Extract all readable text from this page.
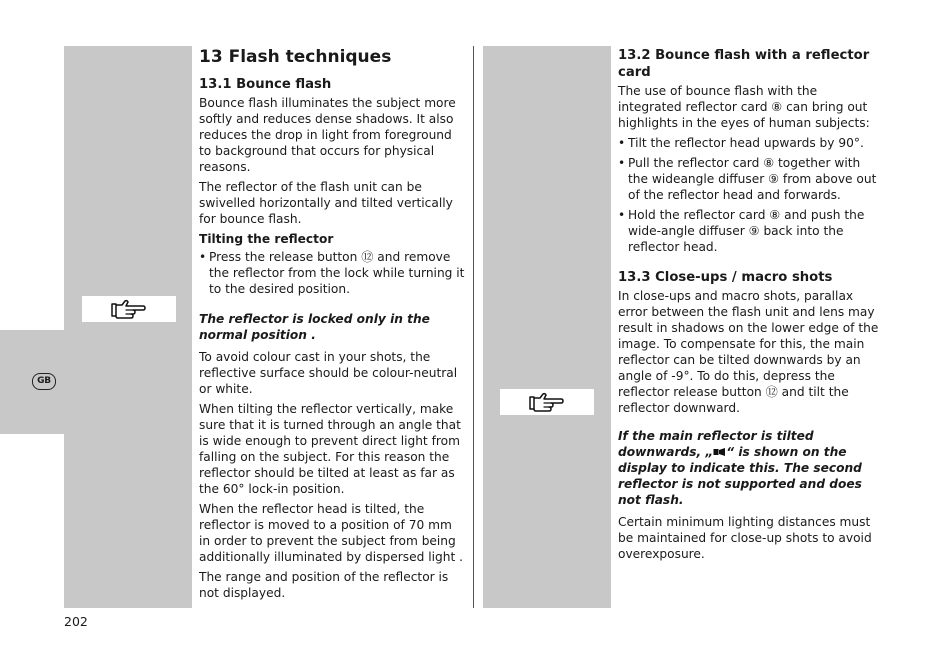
GB
13 Flash techniques
13.1 Bounce flash

Bounce flash illuminates the subject more softly and reduces dense shadows. It also reduces the drop in light from foreground to background that occurs for physical reasons.

The reflector of the flash unit can be swivelled horizontally and tilted vertically for bounce flash.

Tilting the reflector
• Press the release button ⑫ and remove the reflector from the lock while turning it to the desired position.

The reflector is locked only in the normal position .

To avoid colour cast in your shots, the reflective surface should be colour-neutral or white.

When tilting the reflector vertically, make sure that it is turned through an angle that is wide enough to prevent direct light from falling on the subject. For this reason the reflector should be tilted at least as far as the 60° lock-in position.

When the reflector head is tilted, the reflector is moved to a position of 70 mm in order to prevent the subject from being additionally illuminated by dispersed light .

The range and position of the reflector is not displayed.

13.2 Bounce flash with a reflector card

The use of bounce flash with the integrated reflector card ⑧ can bring out highlights in the eyes of human subjects:

• Tilt the reflector head upwards by 90°.
• Pull the reflector card ⑧ together with the wideangle diffuser ⑨ from above out of the reflector head and forwards.
• Hold the reflector card ⑧ and push the wide-angle diffuser ⑨ back into the reflector head.
13.3 Close-ups / macro shots

In close-ups and macro shots, parallax error between the flash unit and lens may result in shadows on the lower edge of the image. To compensate for this, the main reflector can be tilted downwards by an angle of -9°. To do this, depress the reflector release button ⑫ and tilt the reflector downward.

If the main reflector is tilted downwards, „ “ is shown on the display to indicate this. The second reflector is not supported and does not flash.

Certain minimum lighting distances must be maintained for close-up shots to avoid overexposure.

202
